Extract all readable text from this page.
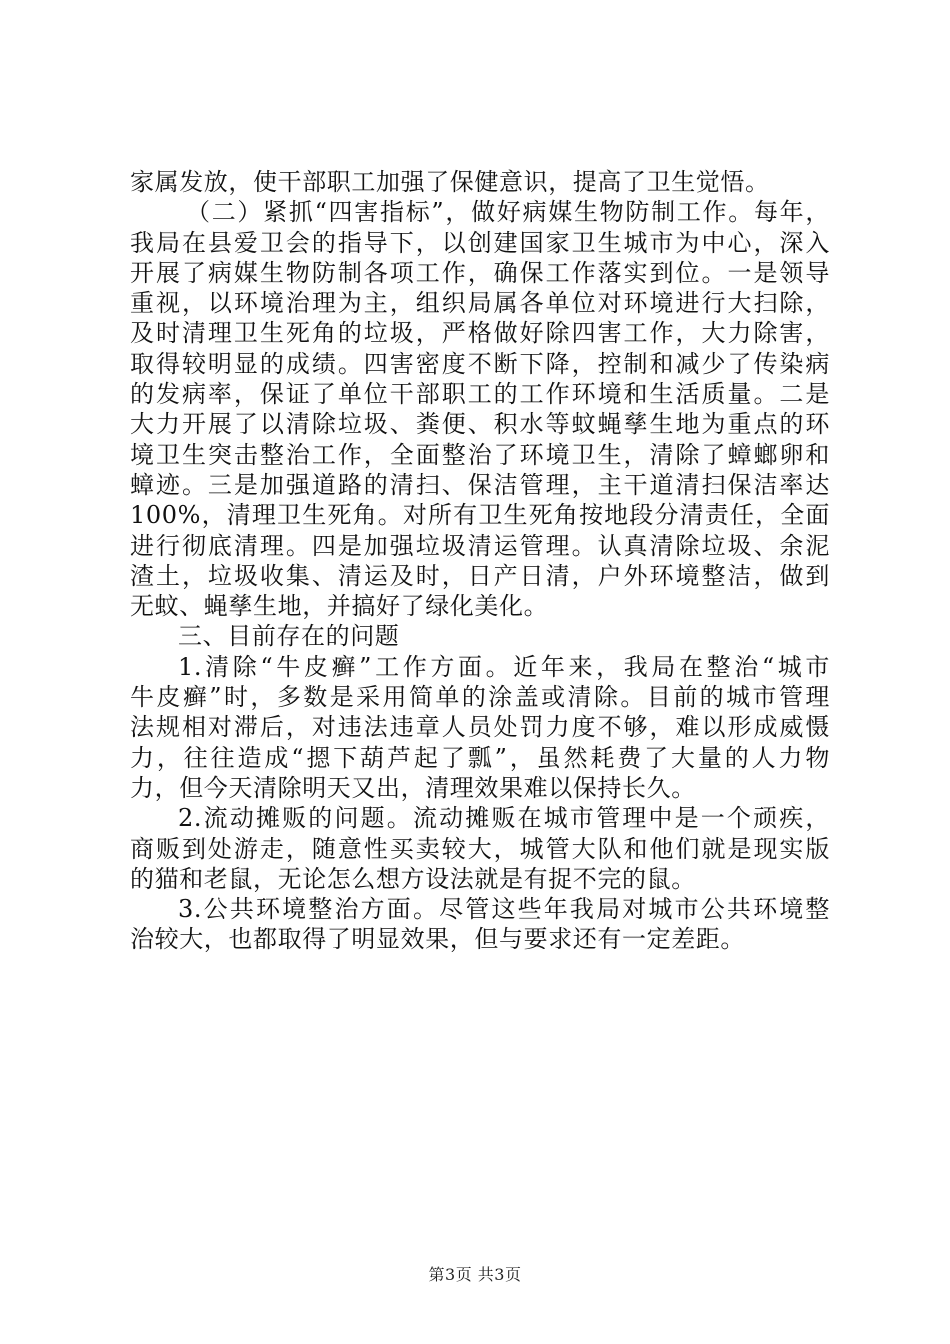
家属发放，使干部职工加强了保健意识，提高了卫生觉悟。
（二）紧抓“四害指标”，做好病媒生物防制工作。每年，
我局在县爱卫会的指导下，以创建国家卫生城市为中心，深入
开展了病媒生物防制各项工作，确保工作落实到位。一是领导
重视，以环境治理为主，组织局属各单位对环境进行大扫除，
及时清理卫生死角的垃圾，严格做好除四害工作，大力除害，
取得较明显的成绩。四害密度不断下降，控制和减少了传染病
的发病率，保证了单位干部职工的工作环境和生活质量。二是
大力开展了以清除垃圾、粪便、积水等蚊蝇孳生地为重点的环
境卫生突击整治工作，全面整治了环境卫生，清除了蟑螂卵和
蟑迹。三是加强道路的清扫、保洁管理，主干道清扫保洁率达
100%，清理卫生死角。对所有卫生死角按地段分清责任，全面
进行彻底清理。四是加强垃圾清运管理。认真清除垃圾、余泥
渣土，垃圾收集、清运及时，日产日清，户外环境整洁，做到
无蚊、蝇孳生地，并搞好了绿化美化。
三、目前存在的问题
1.清除“牛皮癣”工作方面。近年来，我局在整治“城市
牛皮癣”时，多数是采用简单的涂盖或清除。目前的城市管理
法规相对滞后，对违法违章人员处罚力度不够，难以形成威慑
力，往往造成“摁下葫芦起了瓢”，虽然耗费了大量的人力物
力，但今天清除明天又出，清理效果难以保持长久。
2.流动摊贩的问题。流动摊贩在城市管理中是一个顽疾，
商贩到处游走，随意性买卖较大，城管大队和他们就是现实版
的猫和老鼠，无论怎么想方设法就是有捉不完的鼠。
3.公共环境整治方面。尽管这些年我局对城市公共环境整
治较大，也都取得了明显效果，但与要求还有一定差距。
第3页 共3页
